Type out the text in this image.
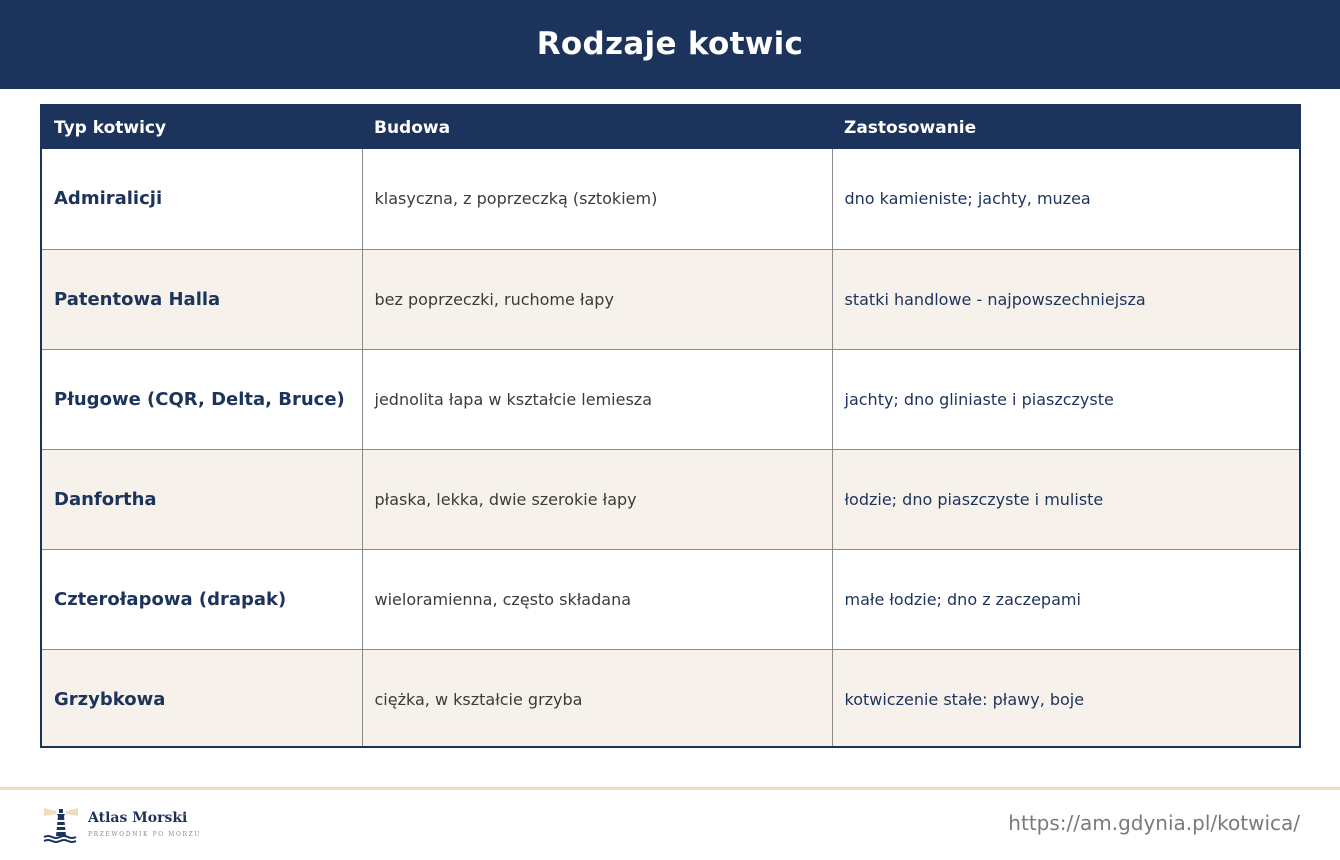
Rodzaje kotwic
Typ kotwicy	Budowa	Zastosowanie
Admiralicji	klasyczna, z poprzeczką (sztokiem)	dno kamieniste; jachty, muzea
Patentowa Halla	bez poprzeczki, ruchome łapy	statki handlowe - najpowszechniejsza
Pługowe (CQR, Delta, Bruce)	jednolita łapa w kształcie lemiesza	jachty; dno gliniaste i piaszczyste
Danfortha	płaska, lekka, dwie szerokie łapy	łodzie; dno piaszczyste i muliste
Czterołapowa (drapak)	wieloramienna, często składana	małe łodzie; dno z zaczepami
Grzybkowa	ciężka, w kształcie grzyba	kotwiczenie stałe: pławy, boje
Atlas Morski
PRZEWODNIK PO MORZU	https://am.gdynia.pl/kotwica/
